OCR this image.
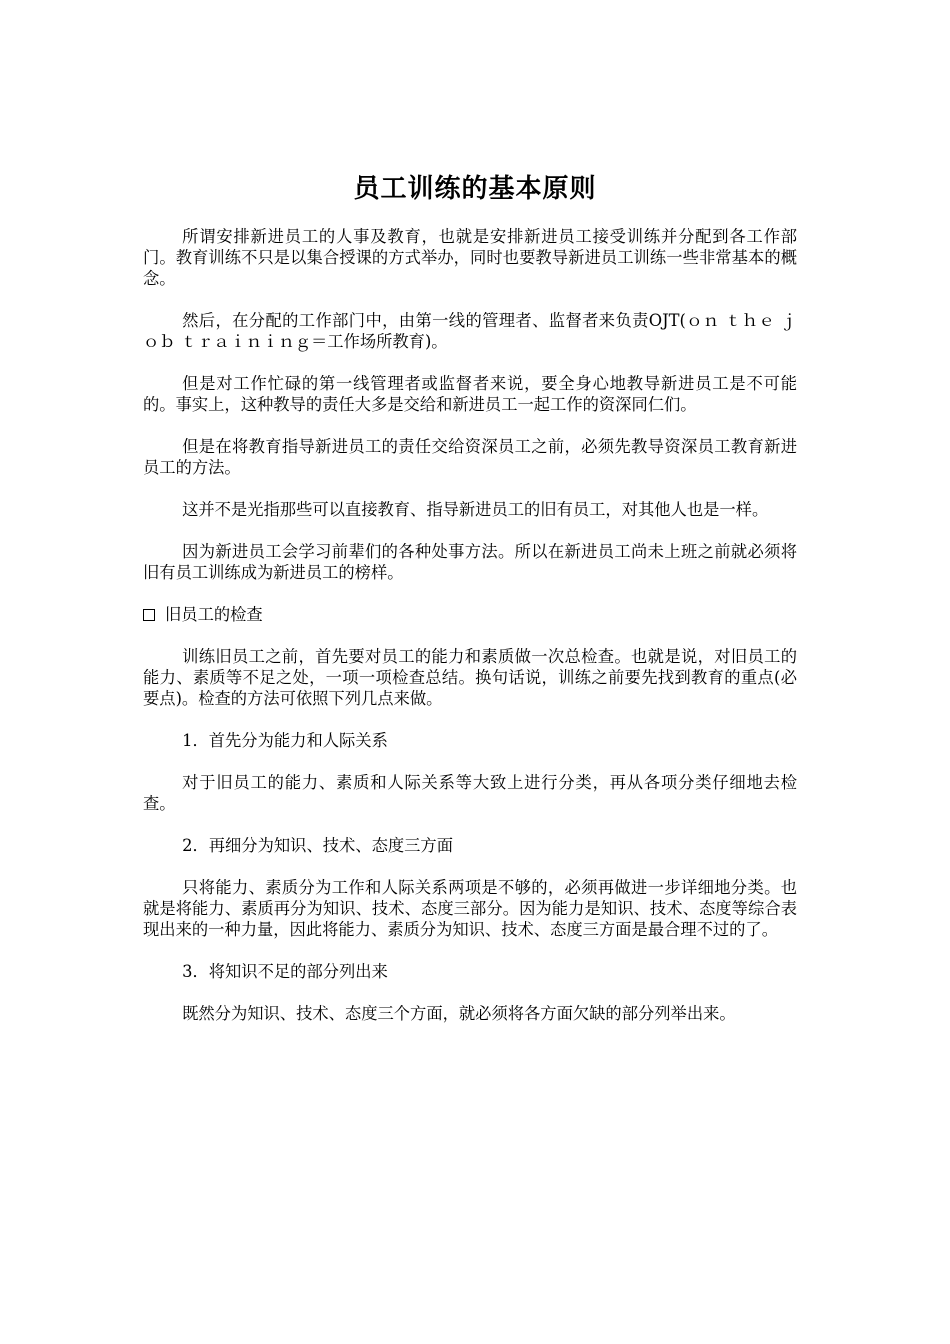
员工训练的基本原则

所谓安排新进员工的人事及教育，也就是安排新进员工接受训练并分配到各工作部门。教育训练不只是以集合授课的方式举办，同时也要教导新进员工训练一些非常基本的概念。

然后，在分配的工作部门中，由第一线的管理者、监督者来负责OJT(ｏｎ ｔｈｅ ｊｏｂ ｔｒａｉｎｉｎｇ＝工作场所教育)。

但是对工作忙碌的第一线管理者或监督者来说，要全身心地教导新进员工是不可能的。事实上，这种教导的责任大多是交给和新进员工一起工作的资深同仁们。

但是在将教育指导新进员工的责任交给资深员工之前，必须先教导资深员工教育新进员工的方法。

这并不是光指那些可以直接教育、指导新进员工的旧有员工，对其他人也是一样。

因为新进员工会学习前辈们的各种处事方法。所以在新进员工尚未上班之前就必须将旧有员工训练成为新进员工的榜样。

旧员工的检查

训练旧员工之前，首先要对员工的能力和素质做一次总检查。也就是说，对旧员工的能力、素质等不足之处，一项一项检查总结。换句话说，训练之前要先找到教育的重点(必要点)。检查的方法可依照下列几点来做。

1．首先分为能力和人际关系

对于旧员工的能力、素质和人际关系等大致上进行分类，再从各项分类仔细地去检查。

2．再细分为知识、技术、态度三方面

只将能力、素质分为工作和人际关系两项是不够的，必须再做进一步详细地分类。也就是将能力、素质再分为知识、技术、态度三部分。因为能力是知识、技术、态度等综合表现出来的一种力量，因此将能力、素质分为知识、技术、态度三方面是最合理不过的了。

3．将知识不足的部分列出来

既然分为知识、技术、态度三个方面，就必须将各方面欠缺的部分列举出来。
